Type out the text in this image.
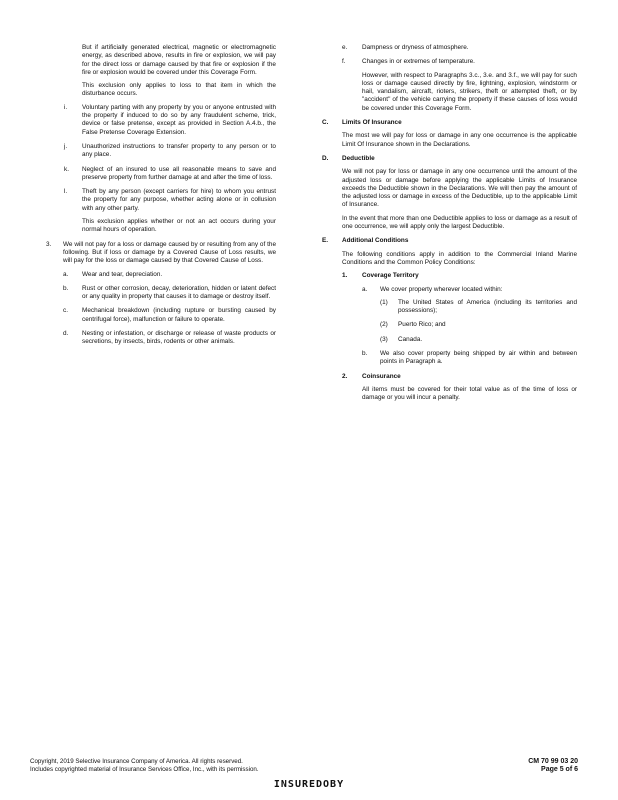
But if artificially generated electrical, magnetic or electromagnetic energy, as described above, results in fire or explosion, we will pay for the direct loss or damage caused by that fire or explosion if the fire or explosion would be covered under this Coverage Form.

This exclusion only applies to loss to that item in which the disturbance occurs.

i. Voluntary parting with any property by you or anyone entrusted with the property if induced to do so by any fraudulent scheme, trick, device or false pretense, except as provided in Section A.4.b., the False Pretense Coverage Extension.

j. Unauthorized instructions to transfer property to any person or to any place.

k. Neglect of an insured to use all reasonable means to save and preserve property from further damage at and after the time of loss.

l. Theft by any person (except carriers for hire) to whom you entrust the property for any purpose, whether acting alone or in collusion with any other party.

This exclusion applies whether or not an act occurs during your normal hours of operation.

3. We will not pay for a loss or damage caused by or resulting from any of the following. But if loss or damage by a Covered Cause of Loss results, we will pay for the loss or damage caused by that Covered Cause of Loss.

a. Wear and tear, depreciation.

b. Rust or other corrosion, decay, deterioration, hidden or latent defect or any quality in property that causes it to damage or destroy itself.

c. Mechanical breakdown (including rupture or bursting caused by centrifugal force), malfunction or failure to operate.

d. Nesting or infestation, or discharge or release of waste products or secretions, by insects, birds, rodents or other animals.

e. Dampness or dryness of atmosphere.

f.	Changes in or extremes of temperature.

However, with respect to Paragraphs 3.c., 3.e. and 3.f., we will pay for such loss or damage caused directly by fire, lightning, explosion, windstorm or hail, vandalism, aircraft, rioters, strikers, theft or attempted theft, or by "accident" of the vehicle carrying the property if these causes of loss would be covered under this Coverage Form.

C. Limits Of Insurance

The most we will pay for loss or damage in any one occurrence is the applicable Limit Of Insurance shown in the Declarations.

D. Deductible

We will not pay for loss or damage in any one occurrence until the amount of the adjusted loss or damage before applying the applicable Limits of Insurance exceeds the Deductible shown in the Declarations. We will then pay the amount of the adjusted loss or damage in excess of the Deductible, up to the applicable Limit of Insurance.

In the event that more than one Deductible applies to loss or damage as a result of one occurrence, we will apply only the largest Deductible.

E. Additional Conditions

The following conditions apply in addition to the Commercial Inland Marine Conditions and the Common Policy Conditions:

1. Coverage Territory

a. We cover property wherever located within:

(1) The United States of America (including its territories and possessions);

(2) Puerto Rico; and

(3) Canada.

b. We also cover property being shipped by air within and between points in Paragraph a.

2. Coinsurance

All items must be covered for their total value as of the time of loss or damage or you will incur a penalty.

Copyright, 2019 Selective Insurance Company of America. All rights reserved.
Includes copyrighted material of Insurance Services Office, Inc., with its permission.
CM 70 99 03 20
Page 5 of 6
INSUREDOBY
